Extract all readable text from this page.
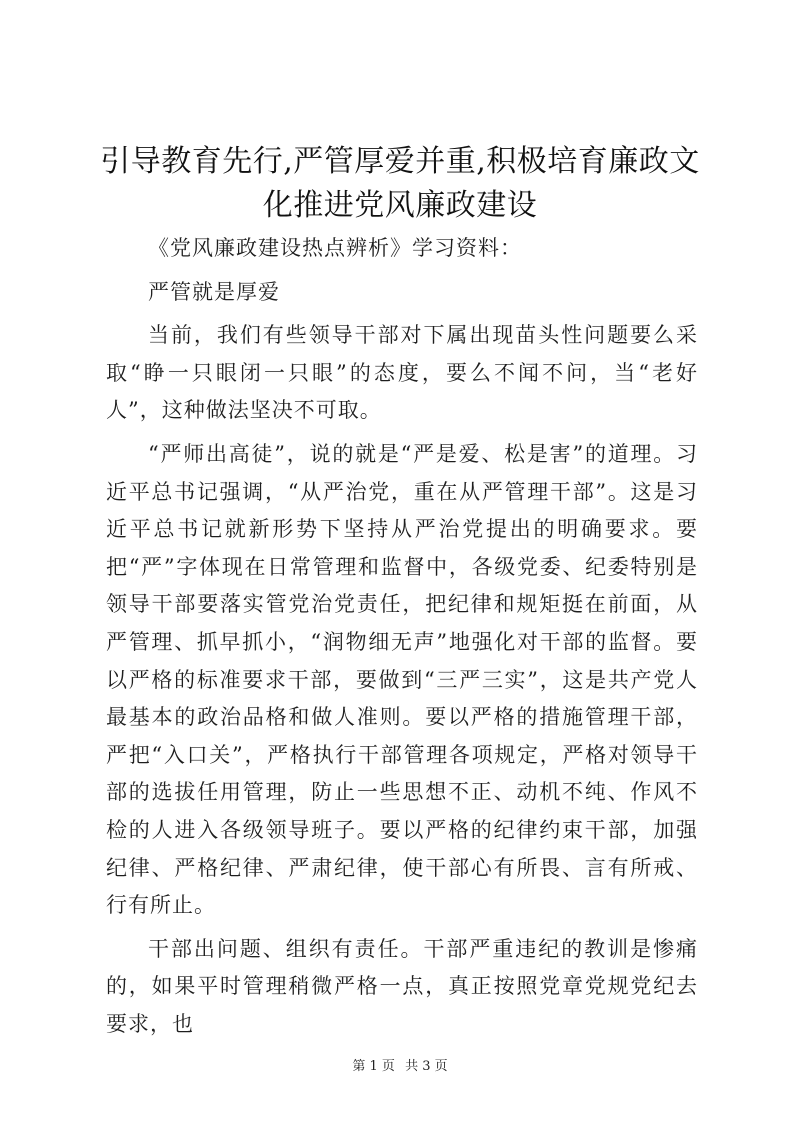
引导教育先行,严管厚爱并重,积极培育廉政文化推进党风廉政建设

《党风廉政建设热点辨析》学习资料：

严管就是厚爱

当前，我们有些领导干部对下属出现苗头性问题要么采取“睁一只眼闭一只眼”的态度，要么不闻不问，当“老好人”，这种做法坚决不可取。

“严师出高徒”，说的就是“严是爱、松是害”的道理。习近平总书记强调，“从严治党，重在从严管理干部”。这是习近平总书记就新形势下坚持从严治党提出的明确要求。要把“严”字体现在日常管理和监督中，各级党委、纪委特别是领导干部要落实管党治党责任，把纪律和规矩挺在前面，从严管理、抓早抓小，“润物细无声”地强化对干部的监督。要以严格的标准要求干部，要做到“三严三实”，这是共产党人最基本的政治品格和做人准则。要以严格的措施管理干部，严把“入口关”，严格执行干部管理各项规定，严格对领导干部的选拔任用管理，防止一些思想不正、动机不纯、作风不检的人进入各级领导班子。要以严格的纪律约束干部，加强纪律、严格纪律、严肃纪律，使干部心有所畏、言有所戒、行有所止。

干部出问题、组织有责任。干部严重违纪的教训是惨痛的，如果平时管理稍微严格一点，真正按照党章党规党纪去要求，也

第 1 页 共 3 页
